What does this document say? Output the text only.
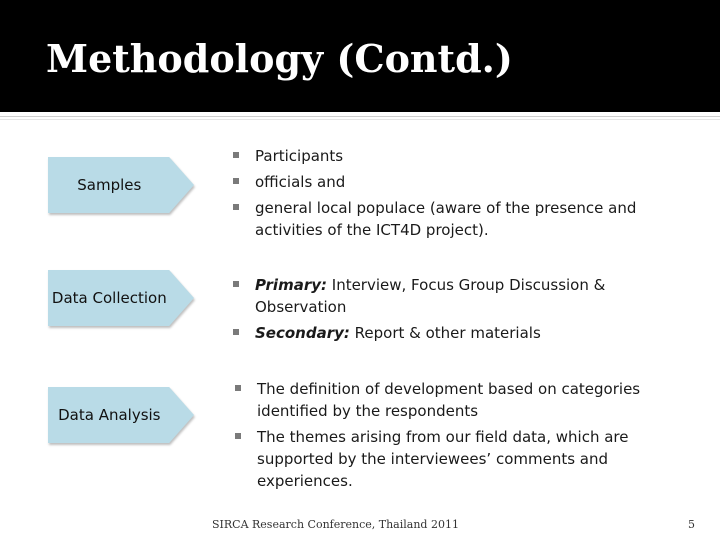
Methodology (Contd.)
Samples
Participants
officials and
general local populace (aware of the presence and activities of the ICT4D project).
Data Collection
Primary: Interview, Focus Group Discussion & Observation
Secondary: Report & other materials
Data Analysis
The definition of development based on categories identified by the respondents
The themes arising from our field data, which are supported by the interviewees’ comments and experiences.
SIRCA Research Conference, Thailand 2011	5
